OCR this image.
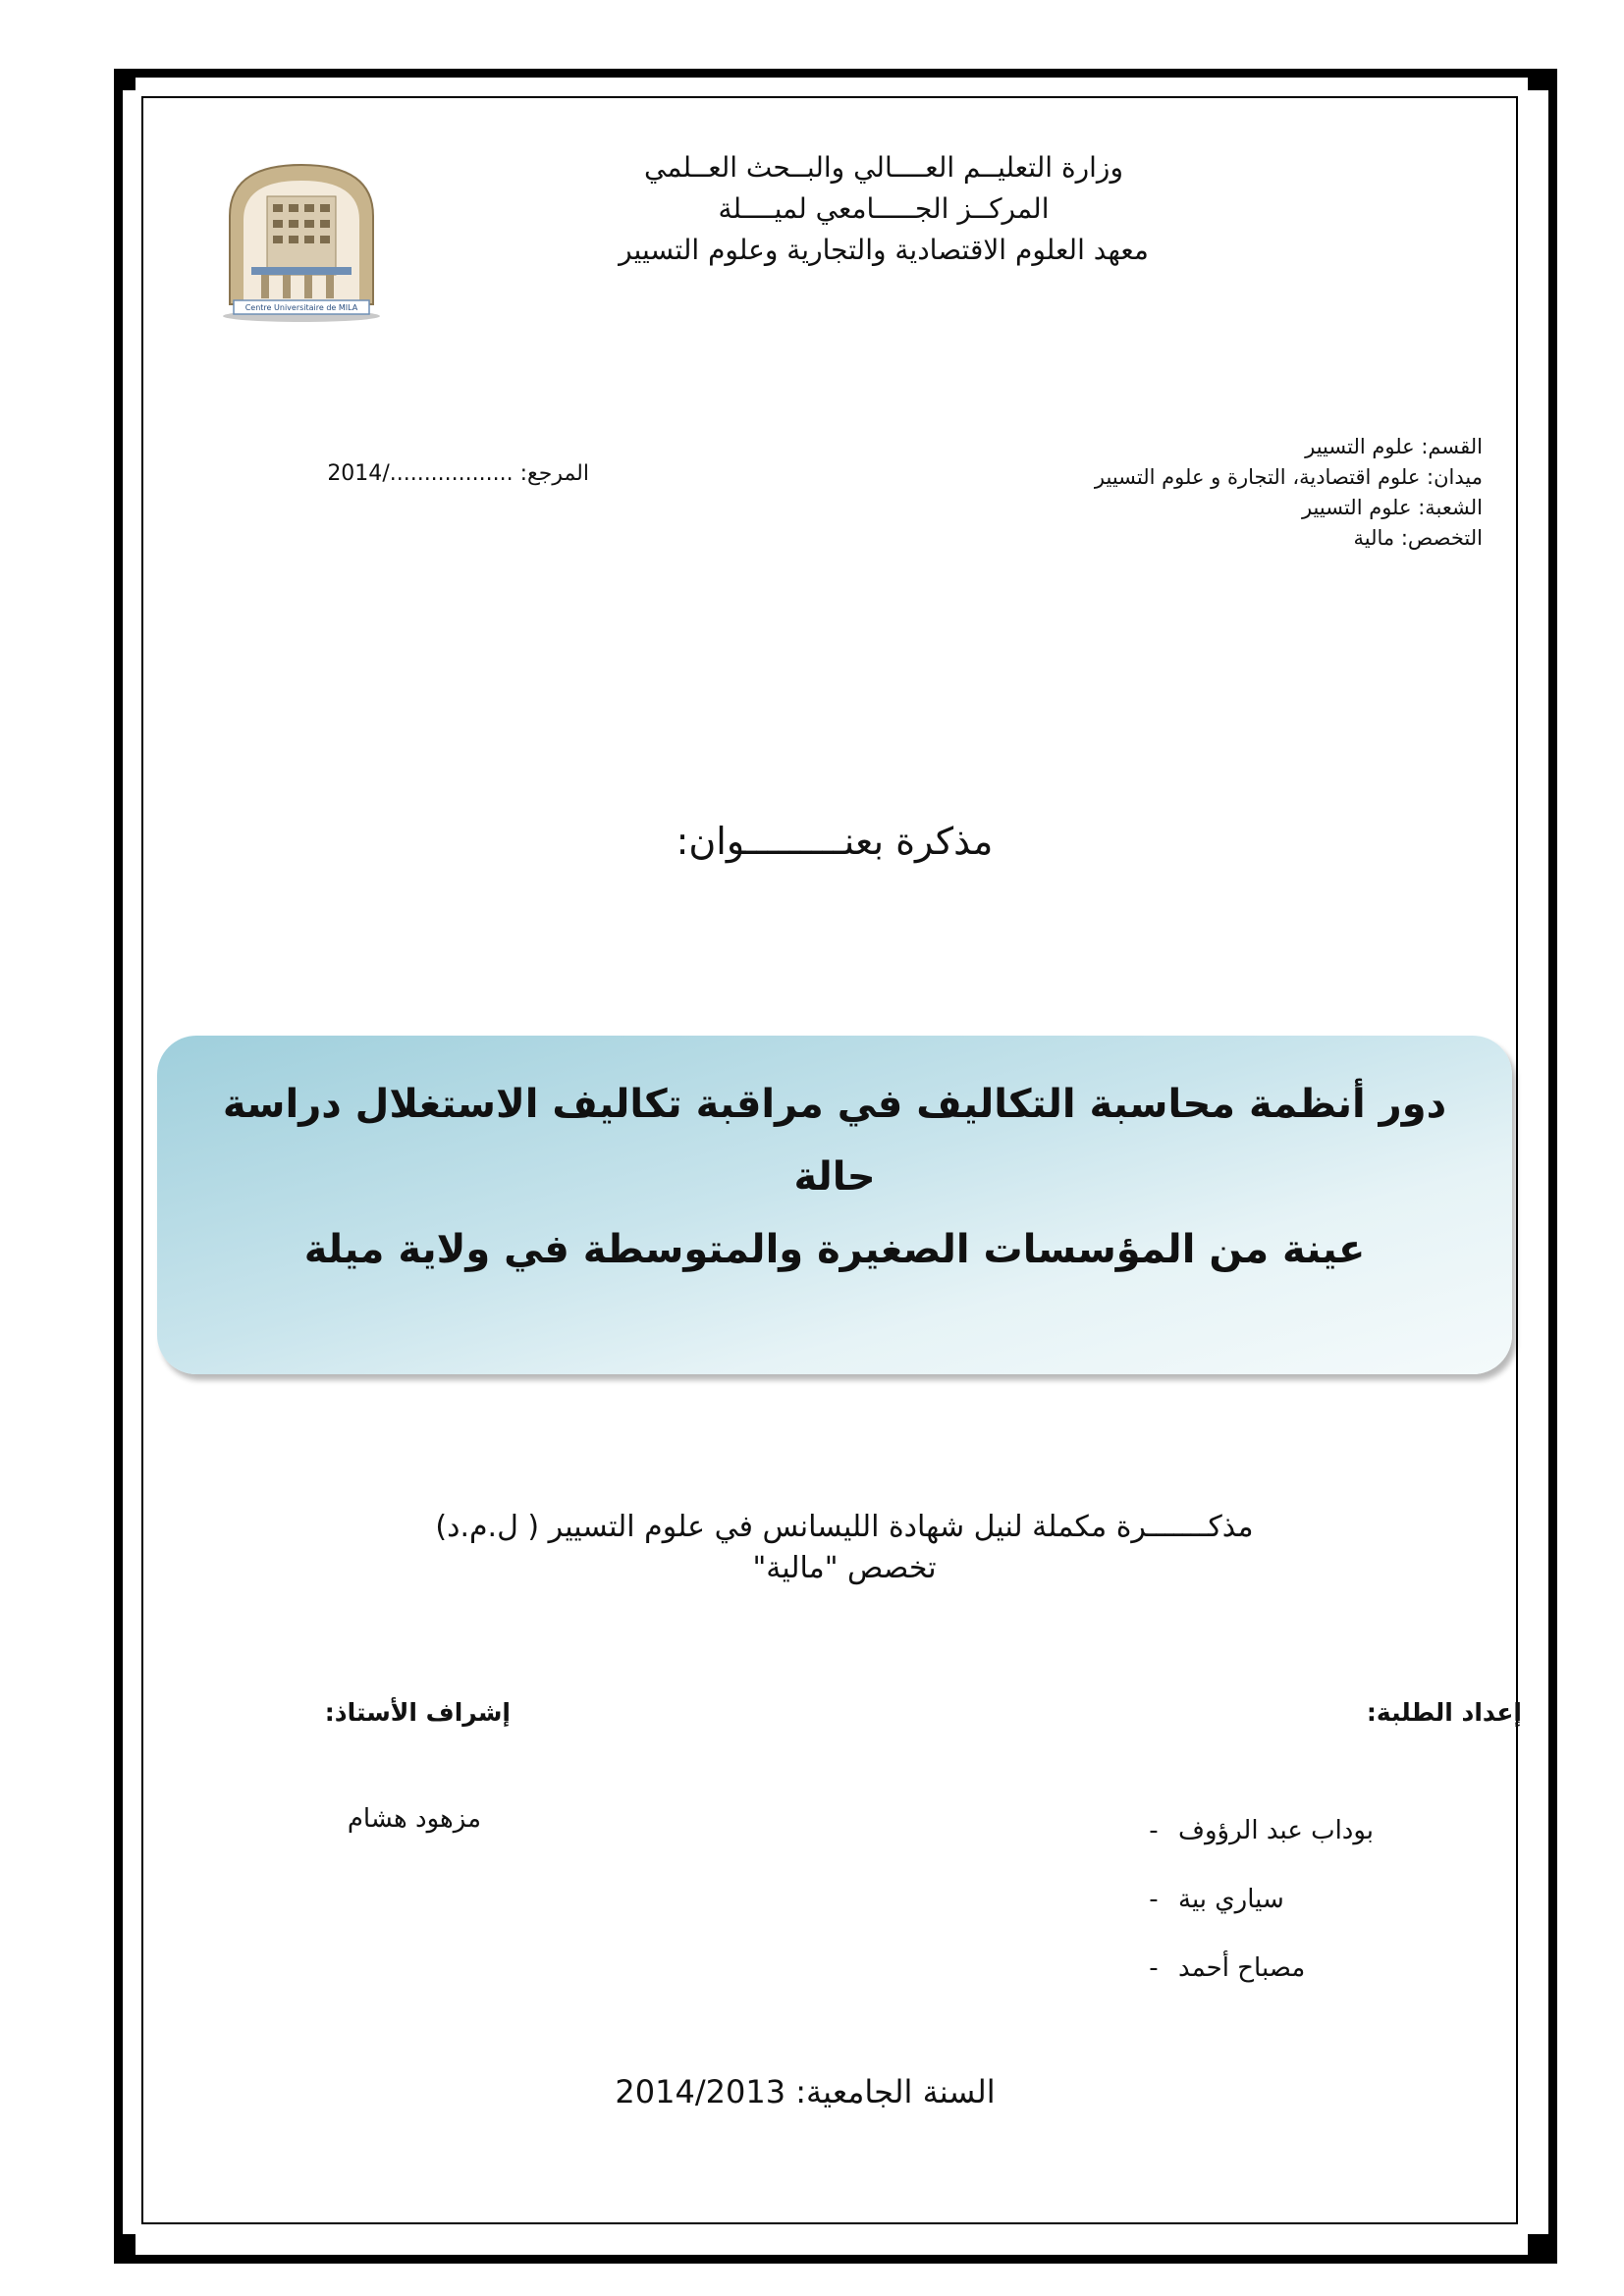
Centre Universitaire de MILA
وزارة التعليــم العــــالي والبــحث العــلمي
المركــز الجـــــامعي لميــــلة
معهد العلوم الاقتصادية والتجارية وعلوم التسيير
المرجع: ................../2014
القسم: علوم التسيير
ميدان: علوم اقتصادية، التجارة و علوم التسيير
الشعبة: علوم التسيير
التخصص: مالية
مذكرة بعنـــــــــوان:
دور أنظمة محاسبة التكاليف في مراقبة تكاليف الاستغلال دراسة حالة
عينة من المؤسسات الصغيرة والمتوسطة في ولاية ميلة
مذكـــــــرة مكملة لنيل شهادة الليسانس في علوم التسيير ( ل.م.د)
تخصص "مالية"
إعداد الطلبة:
إشراف الأستاذ:
- بوداب عبد الرؤوف
- سياري بية
- مصباح أحمد
مزهود هشام
السنة الجامعية: 2014/2013
